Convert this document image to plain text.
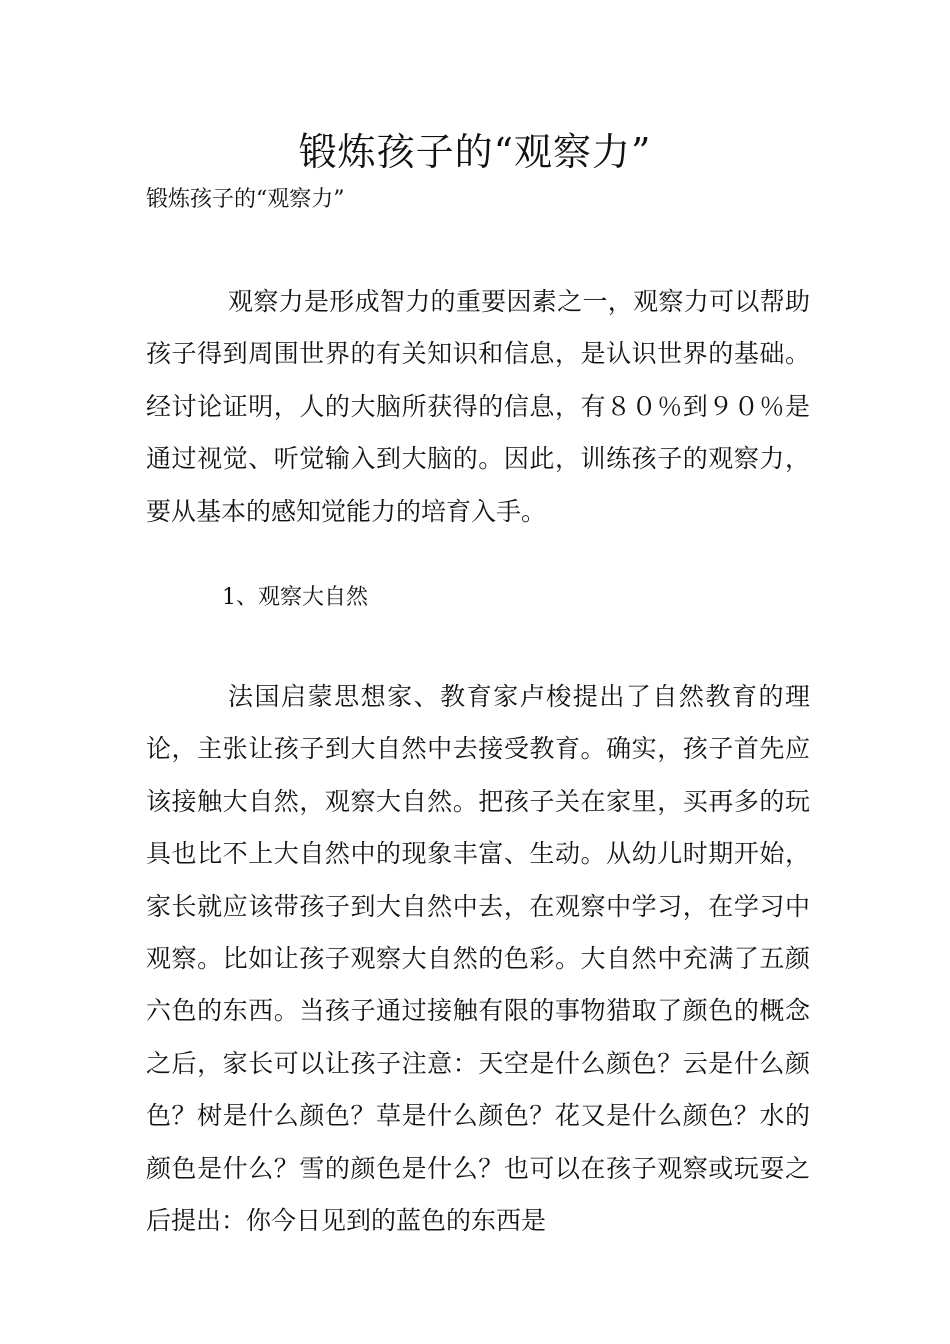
锻炼孩子的“观察力”

锻炼孩子的“观察力”

观察力是形成智力的重要因素之一，观察力可以帮助孩子得到周围世界的有关知识和信息，是认识世界的基础。经讨论证明，人的大脑所获得的信息，有８０％到９０％是通过视觉、听觉输入到大脑的。因此，训练孩子的观察力，要从基本的感知觉能力的培育入手。

1、观察大自然

法国启蒙思想家、教育家卢梭提出了自然教育的理论，主张让孩子到大自然中去接受教育。确实，孩子首先应该接触大自然，观察大自然。把孩子关在家里，买再多的玩具也比不上大自然中的现象丰富、生动。从幼儿时期开始，家长就应该带孩子到大自然中去，在观察中学习，在学习中观察。比如让孩子观察大自然的色彩。大自然中充满了五颜六色的东西。当孩子通过接触有限的事物猎取了颜色的概念之后，家长可以让孩子注意：天空是什么颜色？云是什么颜色？树是什么颜色？草是什么颜色？花又是什么颜色？水的颜色是什么？雪的颜色是什么？也可以在孩子观察或玩耍之后提出：你今日见到的蓝色的东西是
